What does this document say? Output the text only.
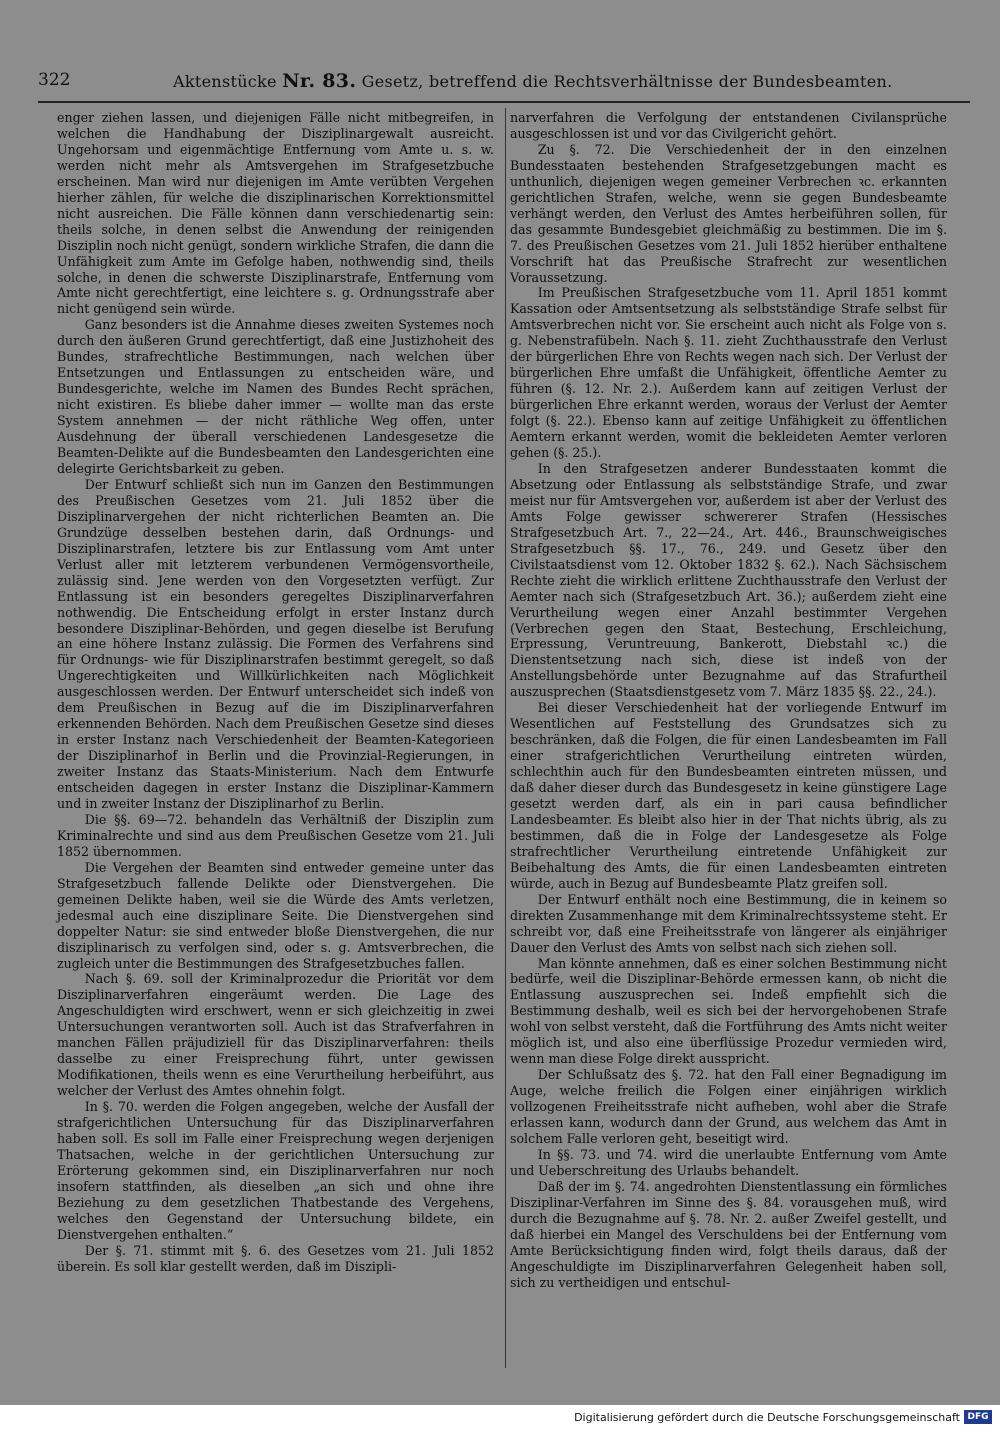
322	Aktenstücke Nr. 83. Gesetz, betreffend die Rechtsverhältnisse der Bundesbeamten.

enger ziehen lassen, und diejenigen Fälle nicht mitbegreifen, in welchen die Handhabung der Disziplinargewalt ausreicht. Ungehorsam und eigenmächtige Entfernung vom Amte u. s. w. werden nicht mehr als Amtsvergehen im Strafgesetzbuche erscheinen. Man wird nur diejenigen im Amte verübten Vergehen hierher zählen, für welche die disziplinarischen Korrektionsmittel nicht ausreichen. Die Fälle können dann verschiedenartig sein: theils solche, in denen selbst die Anwendung der reinigenden Disziplin noch nicht genügt, sondern wirkliche Strafen, die dann die Unfähigkeit zum Amte im Gefolge haben, nothwendig sind, theils solche, in denen die schwerste Disziplinarstrafe, Entfernung vom Amte nicht gerechtfertigt, eine leichtere s. g. Ordnungsstrafe aber nicht genügend sein würde.

Ganz besonders ist die Annahme dieses zweiten Systemes noch durch den äußeren Grund gerechtfertigt, daß eine Justizhoheit des Bundes, strafrechtliche Bestimmungen, nach welchen über Entsetzungen und Entlassungen zu entscheiden wäre, und Bundesgerichte, welche im Namen des Bundes Recht sprächen, nicht existiren. Es bliebe daher immer — wollte man das erste System annehmen — der nicht räthliche Weg offen, unter Ausdehnung der überall verschiedenen Landesgesetze die Beamten-Delikte auf die Bundesbeamten den Landesgerichten eine delegirte Gerichtsbarkeit zu geben.

Der Entwurf schließt sich nun im Ganzen den Bestimmungen des Preußischen Gesetzes vom 21. Juli 1852 über die Disziplinarvergehen der nicht richterlichen Beamten an. Die Grundzüge desselben bestehen darin, daß Ordnungs- und Disziplinarstrafen, letztere bis zur Entlassung vom Amt unter Verlust aller mit letzterem verbundenen Vermögensvortheile, zulässig sind. Jene werden von den Vorgesetzten verfügt. Zur Entlassung ist ein besonders geregeltes Disziplinarverfahren nothwendig. Die Entscheidung erfolgt in erster Instanz durch besondere Disziplinar-Behörden, und gegen dieselbe ist Berufung an eine höhere Instanz zulässig. Die Formen des Verfahrens sind für Ordnungs- wie für Disziplinarstrafen bestimmt geregelt, so daß Ungerechtigkeiten und Willkürlichkeiten nach Möglichkeit ausgeschlossen werden. Der Entwurf unterscheidet sich indeß von dem Preußischen in Bezug auf die im Disziplinarverfahren erkennenden Behörden. Nach dem Preußischen Gesetze sind dieses in erster Instanz nach Verschiedenheit der Beamten-Kategorieen der Disziplinarhof in Berlin und die Provinzial-Regierungen, in zweiter Instanz das Staats-Ministerium. Nach dem Entwurfe entscheiden dagegen in erster Instanz die Disziplinar-Kammern und in zweiter Instanz der Disziplinarhof zu Berlin.

Die §§. 69—72. behandeln das Verhältniß der Disziplin zum Kriminalrechte und sind aus dem Preußischen Gesetze vom 21. Juli 1852 übernommen.

Die Vergehen der Beamten sind entweder gemeine unter das Strafgesetzbuch fallende Delikte oder Dienstvergehen. Die gemeinen Delikte haben, weil sie die Würde des Amts verletzen, jedesmal auch eine disziplinare Seite. Die Dienstvergehen sind doppelter Natur: sie sind entweder bloße Dienstvergehen, die nur disziplinarisch zu verfolgen sind, oder s. g. Amtsverbrechen, die zugleich unter die Bestimmungen des Strafgesetzbuches fallen.

Nach §. 69. soll der Kriminalprozedur die Priorität vor dem Disziplinarverfahren eingeräumt werden. Die Lage des Angeschuldigten wird erschwert, wenn er sich gleichzeitig in zwei Untersuchungen verantworten soll. Auch ist das Strafverfahren in manchen Fällen präjudiziell für das Disziplinarverfahren: theils dasselbe zu einer Freisprechung führt, unter gewissen Modifikationen, theils wenn es eine Verurtheilung herbeiführt, aus welcher der Verlust des Amtes ohnehin folgt.

In §. 70. werden die Folgen angegeben, welche der Ausfall der strafgerichtlichen Untersuchung für das Disziplinarverfahren haben soll. Es soll im Falle einer Freisprechung wegen derjenigen Thatsachen, welche in der gerichtlichen Untersuchung zur Erörterung gekommen sind, ein Disziplinarverfahren nur noch insofern stattfinden, als dieselben „an sich und ohne ihre Beziehung zu dem gesetzlichen Thatbestande des Vergehens, welches den Gegenstand der Untersuchung bildete, ein Dienstvergehen enthalten.“

Der §. 71. stimmt mit §. 6. des Gesetzes vom 21. Juli 1852 überein. Es soll klar gestellt werden, daß im Diszipli-

narverfahren die Verfolgung der entstandenen Civilansprüche ausgeschlossen ist und vor das Civilgericht gehört.

Zu §. 72. Die Verschiedenheit der in den einzelnen Bundesstaaten bestehenden Strafgesetzgebungen macht es unthunlich, diejenigen wegen gemeiner Verbrechen ꝛc. erkannten gerichtlichen Strafen, welche, wenn sie gegen Bundesbeamte verhängt werden, den Verlust des Amtes herbeiführen sollen, für das gesammte Bundesgebiet gleichmäßig zu bestimmen. Die im §. 7. des Preußischen Gesetzes vom 21. Juli 1852 hierüber enthaltene Vorschrift hat das Preußische Strafrecht zur wesentlichen Voraussetzung.

Im Preußischen Strafgesetzbuche vom 11. April 1851 kommt Kassation oder Amtsentsetzung als selbstständige Strafe selbst für Amtsverbrechen nicht vor. Sie erscheint auch nicht als Folge von s. g. Nebenstrafübeln. Nach §. 11. zieht Zuchthausstrafe den Verlust der bürgerlichen Ehre von Rechts wegen nach sich. Der Verlust der bürgerlichen Ehre umfaßt die Unfähigkeit, öffentliche Aemter zu führen (§. 12. Nr. 2.). Außerdem kann auf zeitigen Verlust der bürgerlichen Ehre erkannt werden, woraus der Verlust der Aemter folgt (§. 22.). Ebenso kann auf zeitige Unfähigkeit zu öffentlichen Aemtern erkannt werden, womit die bekleideten Aemter verloren gehen (§. 25.).

In den Strafgesetzen anderer Bundesstaaten kommt die Absetzung oder Entlassung als selbstständige Strafe, und zwar meist nur für Amtsvergehen vor, außerdem ist aber der Verlust des Amts Folge gewisser schwererer Strafen (Hessisches Strafgesetzbuch Art. 7., 22—24., Art. 446., Braunschweigisches Strafgesetzbuch §§. 17., 76., 249. und Gesetz über den Civilstaatsdienst vom 12. Oktober 1832 §. 62.). Nach Sächsischem Rechte zieht die wirklich erlittene Zuchthausstrafe den Verlust der Aemter nach sich (Strafgesetzbuch Art. 36.); außerdem zieht eine Verurtheilung wegen einer Anzahl bestimmter Vergehen (Verbrechen gegen den Staat, Bestechung, Erschleichung, Erpressung, Veruntreuung, Bankerott, Diebstahl ꝛc.) die Dienstentsetzung nach sich, diese ist indeß von der Anstellungsbehörde unter Bezugnahme auf das Strafurtheil auszusprechen (Staatsdienstgesetz vom 7. März 1835 §§. 22., 24.).

Bei dieser Verschiedenheit hat der vorliegende Entwurf im Wesentlichen auf Feststellung des Grundsatzes sich zu beschränken, daß die Folgen, die für einen Landesbeamten im Fall einer strafgerichtlichen Verurtheilung eintreten würden, schlechthin auch für den Bundesbeamten eintreten müssen, und daß daher dieser durch das Bundesgesetz in keine günstigere Lage gesetzt werden darf, als ein in pari causa befindlicher Landesbeamter. Es bleibt also hier in der That nichts übrig, als zu bestimmen, daß die in Folge der Landesgesetze als Folge strafrechtlicher Verurtheilung eintretende Unfähigkeit zur Beibehaltung des Amts, die für einen Landesbeamten eintreten würde, auch in Bezug auf Bundesbeamte Platz greifen soll.

Der Entwurf enthält noch eine Bestimmung, die in keinem so direkten Zusammenhange mit dem Kriminalrechtssysteme steht. Er schreibt vor, daß eine Freiheitsstrafe von längerer als einjähriger Dauer den Verlust des Amts von selbst nach sich ziehen soll.

Man könnte annehmen, daß es einer solchen Bestimmung nicht bedürfe, weil die Disziplinar-Behörde ermessen kann, ob nicht die Entlassung auszusprechen sei. Indeß empfiehlt sich die Bestimmung deshalb, weil es sich bei der hervorgehobenen Strafe wohl von selbst versteht, daß die Fortführung des Amts nicht weiter möglich ist, und also eine überflüssige Prozedur vermieden wird, wenn man diese Folge direkt ausspricht.

Der Schlußsatz des §. 72. hat den Fall einer Begnadigung im Auge, welche freilich die Folgen einer einjährigen wirklich vollzogenen Freiheitsstrafe nicht aufheben, wohl aber die Strafe erlassen kann, wodurch dann der Grund, aus welchem das Amt in solchem Falle verloren geht, beseitigt wird.

In §§. 73. und 74. wird die unerlaubte Entfernung vom Amte und Ueberschreitung des Urlaubs behandelt.

Daß der im §. 74. angedrohten Dienstentlassung ein förmliches Disziplinar-Verfahren im Sinne des §. 84. vorausgehen muß, wird durch die Bezugnahme auf §. 78. Nr. 2. außer Zweifel gestellt, und daß hierbei ein Mangel des Verschuldens bei der Entfernung vom Amte Berücksichtigung finden wird, folgt theils daraus, daß der Angeschuldigte im Disziplinarverfahren Gelegenheit haben soll, sich zu vertheidigen und entschul-

Digitalisierung gefördert durch die Deutsche Forschungsgemeinschaft DFG
